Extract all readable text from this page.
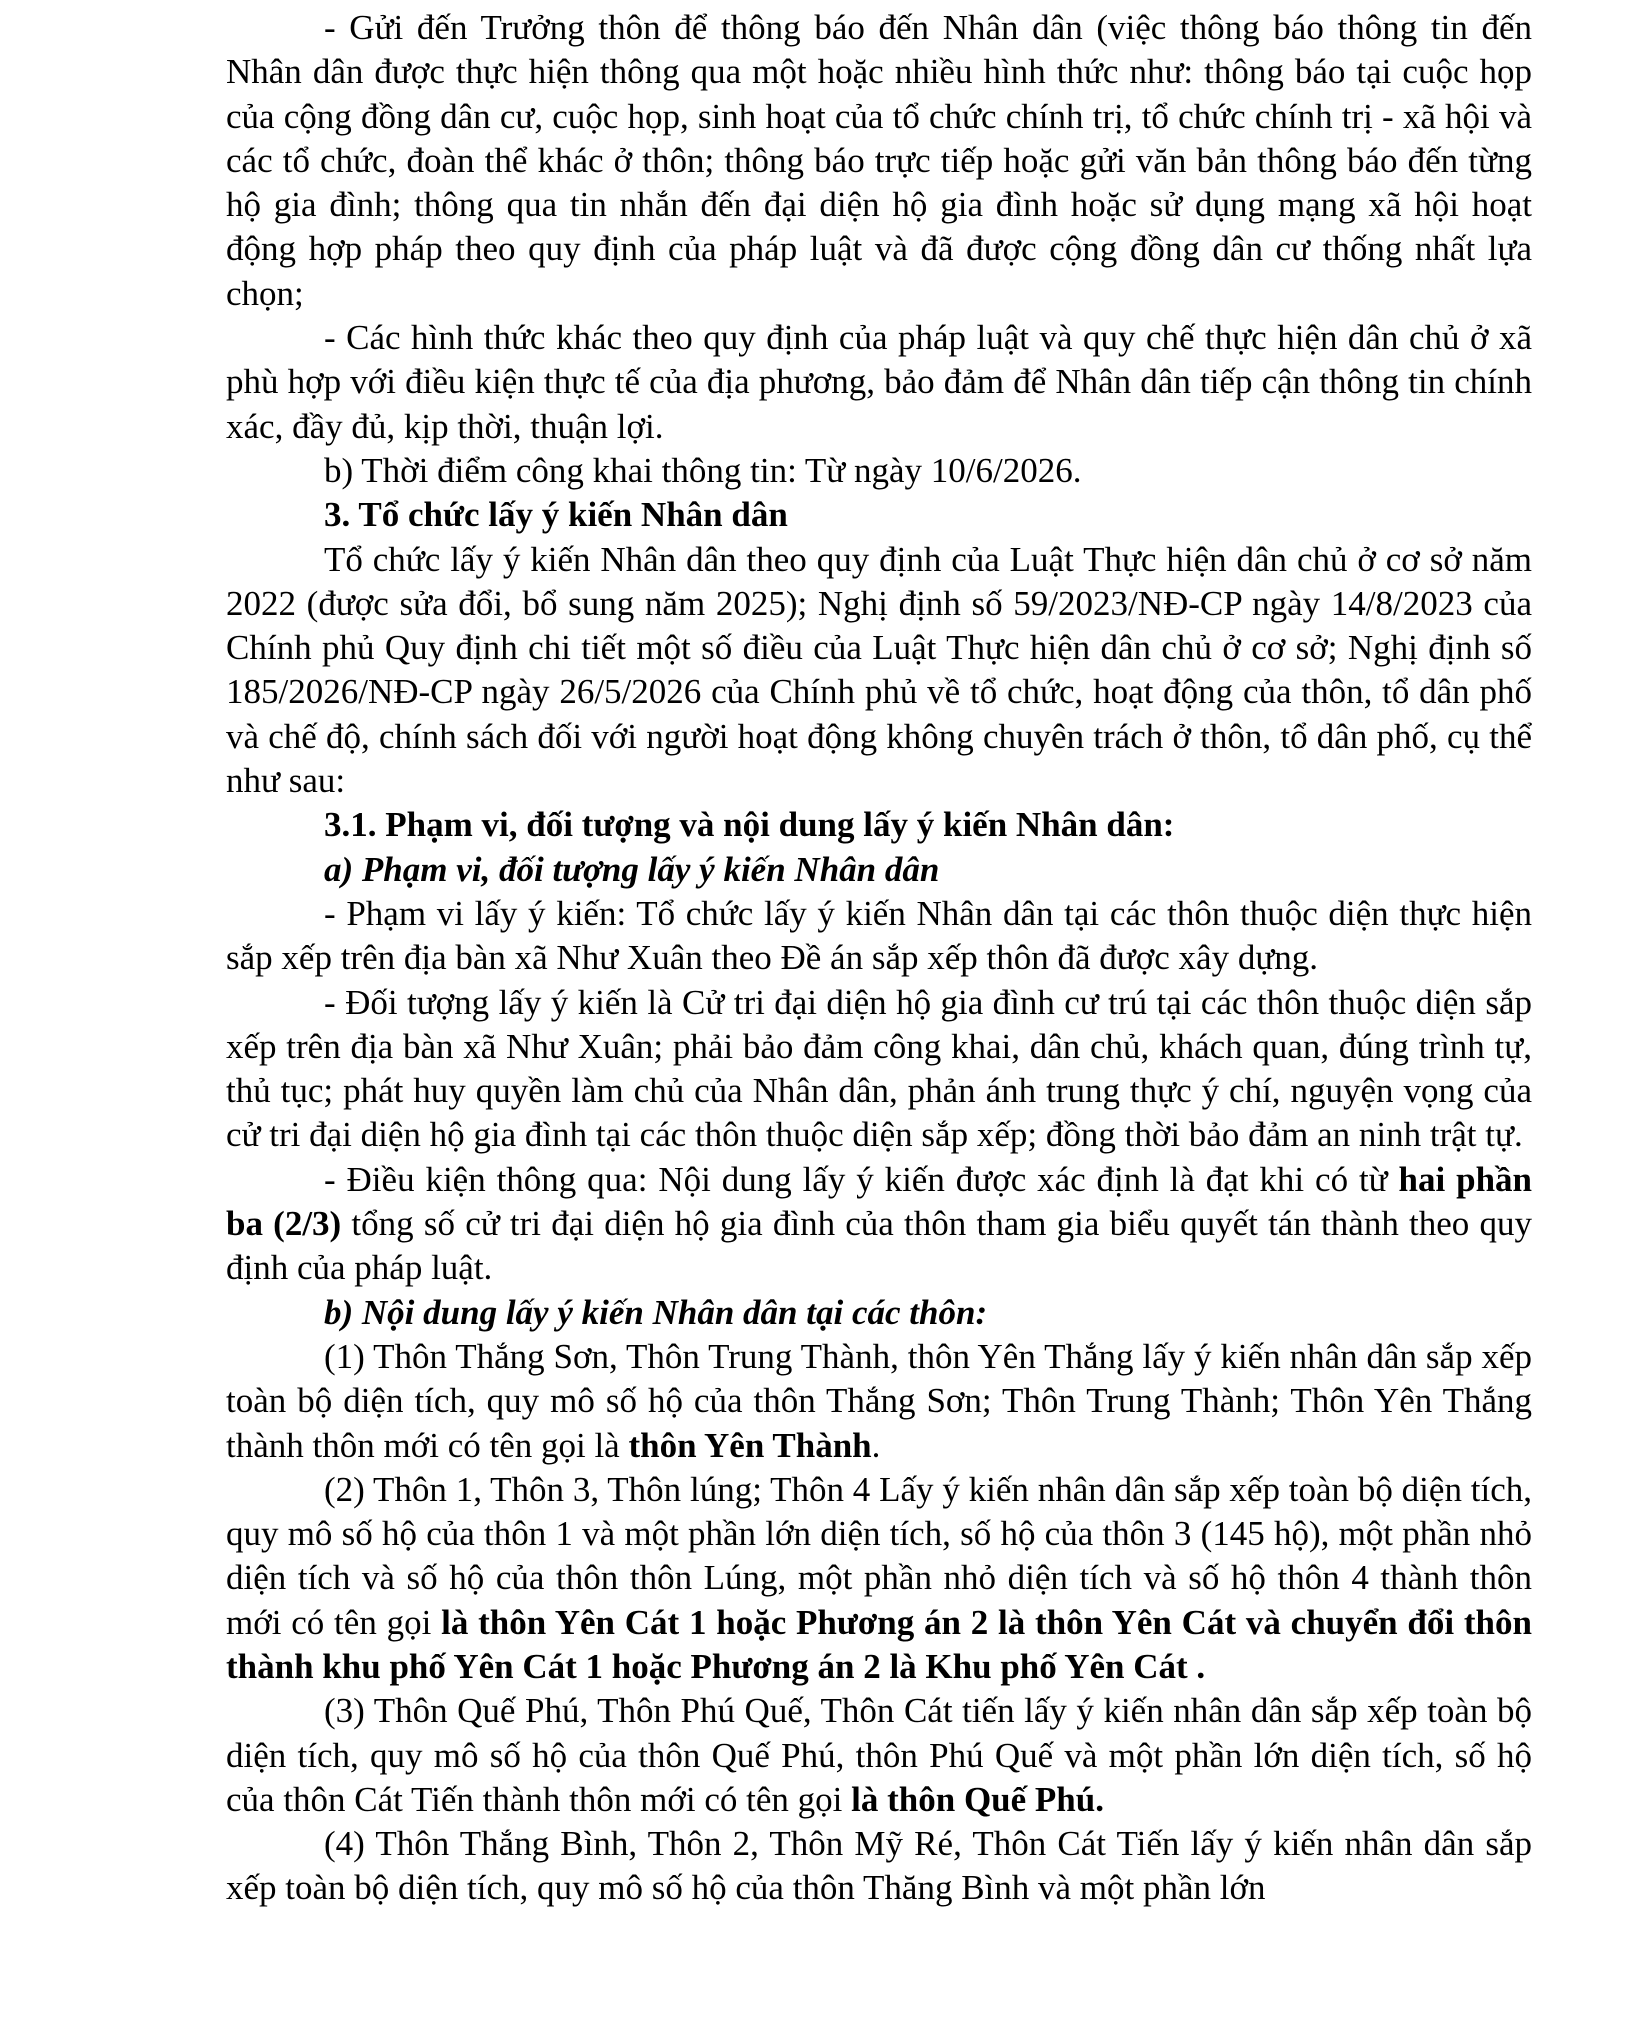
- Gửi đến Trưởng thôn để thông báo đến Nhân dân (việc thông báo thông tin đến Nhân dân được thực hiện thông qua một hoặc nhiều hình thức như: thông báo tại cuộc họp của cộng đồng dân cư, cuộc họp, sinh hoạt của tổ chức chính trị, tổ chức chính trị - xã hội và các tổ chức, đoàn thể khác ở thôn; thông báo trực tiếp hoặc gửi văn bản thông báo đến từng hộ gia đình; thông qua tin nhắn đến đại diện hộ gia đình hoặc sử dụng mạng xã hội hoạt động hợp pháp theo quy định của pháp luật và đã được cộng đồng dân cư thống nhất lựa chọn;

- Các hình thức khác theo quy định của pháp luật và quy chế thực hiện dân chủ ở xã phù hợp với điều kiện thực tế của địa phương, bảo đảm để Nhân dân tiếp cận thông tin chính xác, đầy đủ, kịp thời, thuận lợi.

b) Thời điểm công khai thông tin: Từ ngày 10/6/2026.

3. Tổ chức lấy ý kiến Nhân dân

Tổ chức lấy ý kiến Nhân dân theo quy định của Luật Thực hiện dân chủ ở cơ sở năm 2022 (được sửa đổi, bổ sung năm 2025); Nghị định số 59/2023/NĐ-CP ngày 14/8/2023 của Chính phủ Quy định chi tiết một số điều của Luật Thực hiện dân chủ ở cơ sở; Nghị định số 185/2026/NĐ-CP ngày 26/5/2026 của Chính phủ về tổ chức, hoạt động của thôn, tổ dân phố và chế độ, chính sách đối với người hoạt động không chuyên trách ở thôn, tổ dân phố, cụ thể như sau:

3.1. Phạm vi, đối tượng và nội dung lấy ý kiến Nhân dân:

a) Phạm vi, đối tượng lấy ý kiến Nhân dân

- Phạm vi lấy ý kiến: Tổ chức lấy ý kiến Nhân dân tại các thôn thuộc diện thực hiện sắp xếp trên địa bàn xã Như Xuân theo Đề án sắp xếp thôn đã được xây dựng.

- Đối tượng lấy ý kiến là Cử tri đại diện hộ gia đình cư trú tại các thôn thuộc diện sắp xếp trên địa bàn xã Như Xuân; phải bảo đảm công khai, dân chủ, khách quan, đúng trình tự, thủ tục; phát huy quyền làm chủ của Nhân dân, phản ánh trung thực ý chí, nguyện vọng của cử tri đại diện hộ gia đình tại các thôn thuộc diện sắp xếp; đồng thời bảo đảm an ninh trật tự.

- Điều kiện thông qua: Nội dung lấy ý kiến được xác định là đạt khi có từ hai phần ba (2/3) tổng số cử tri đại diện hộ gia đình của thôn tham gia biểu quyết tán thành theo quy định của pháp luật.

b) Nội dung lấy ý kiến Nhân dân tại các thôn:

(1) Thôn Thắng Sơn, Thôn Trung Thành, thôn Yên Thắng lấy ý kiến nhân dân sắp xếp toàn bộ diện tích, quy mô số hộ của thôn Thắng Sơn; Thôn Trung Thành; Thôn Yên Thắng thành thôn mới có tên gọi là thôn Yên Thành.

(2) Thôn 1, Thôn 3, Thôn lúng; Thôn 4 Lấy ý kiến nhân dân sắp xếp toàn bộ diện tích, quy mô số hộ của thôn 1 và một phần lớn diện tích, số hộ của thôn 3 (145 hộ), một phần nhỏ diện tích và số hộ của thôn thôn Lúng, một phần nhỏ diện tích và số hộ thôn 4 thành thôn mới có tên gọi là thôn Yên Cát 1 hoặc Phương án 2 là thôn Yên Cát và chuyển đổi thôn thành khu phố Yên Cát 1 hoặc Phương án 2 là Khu phố Yên Cát .

(3) Thôn Quế Phú, Thôn Phú Quế, Thôn Cát tiến lấy ý kiến nhân dân sắp xếp toàn bộ diện tích, quy mô số hộ của thôn Quế Phú, thôn Phú Quế và một phần lớn diện tích, số hộ của thôn Cát Tiến thành thôn mới có tên gọi là thôn Quế Phú.

(4) Thôn Thắng Bình, Thôn 2, Thôn Mỹ Ré, Thôn Cát Tiến lấy ý kiến nhân dân sắp xếp toàn bộ diện tích, quy mô số hộ của thôn Thăng Bình và một phần lớn
